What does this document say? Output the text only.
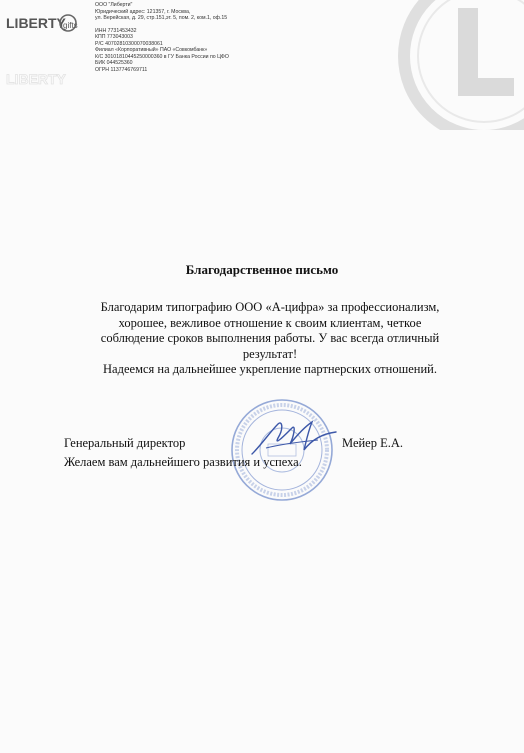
LIBERTY
gifts
LIBERTY
ООО "Либерти"
Юридический адрес: 121357, г. Москва,
ул. Верейская, д. 29, стр.151,эт. 5, пом. 2, ком.1, оф.15
ИНН 7731453432
КПП 773043003
Р/С 40702810300070038061
Филиал «Корпоративный» ПАО «Совкомбанк»
К/С 30101810445250000360 в ГУ Банка России по ЦФО
БИК 044525360
ОГРН 1137746769711
Благодарственное письмо
Благодарим типографию ООО «А-цифра» за профессионализм,
хорошее, вежливое отношение к своим клиентам, четкое
соблюдение сроков выполнения работы. У вас всегда отличный
результат!
Надеемся на дальнейшее укрепление партнерских отношений.
Генеральный директор	Мейер Е.А.
Желаем вам дальнейшего развития и успеха.
